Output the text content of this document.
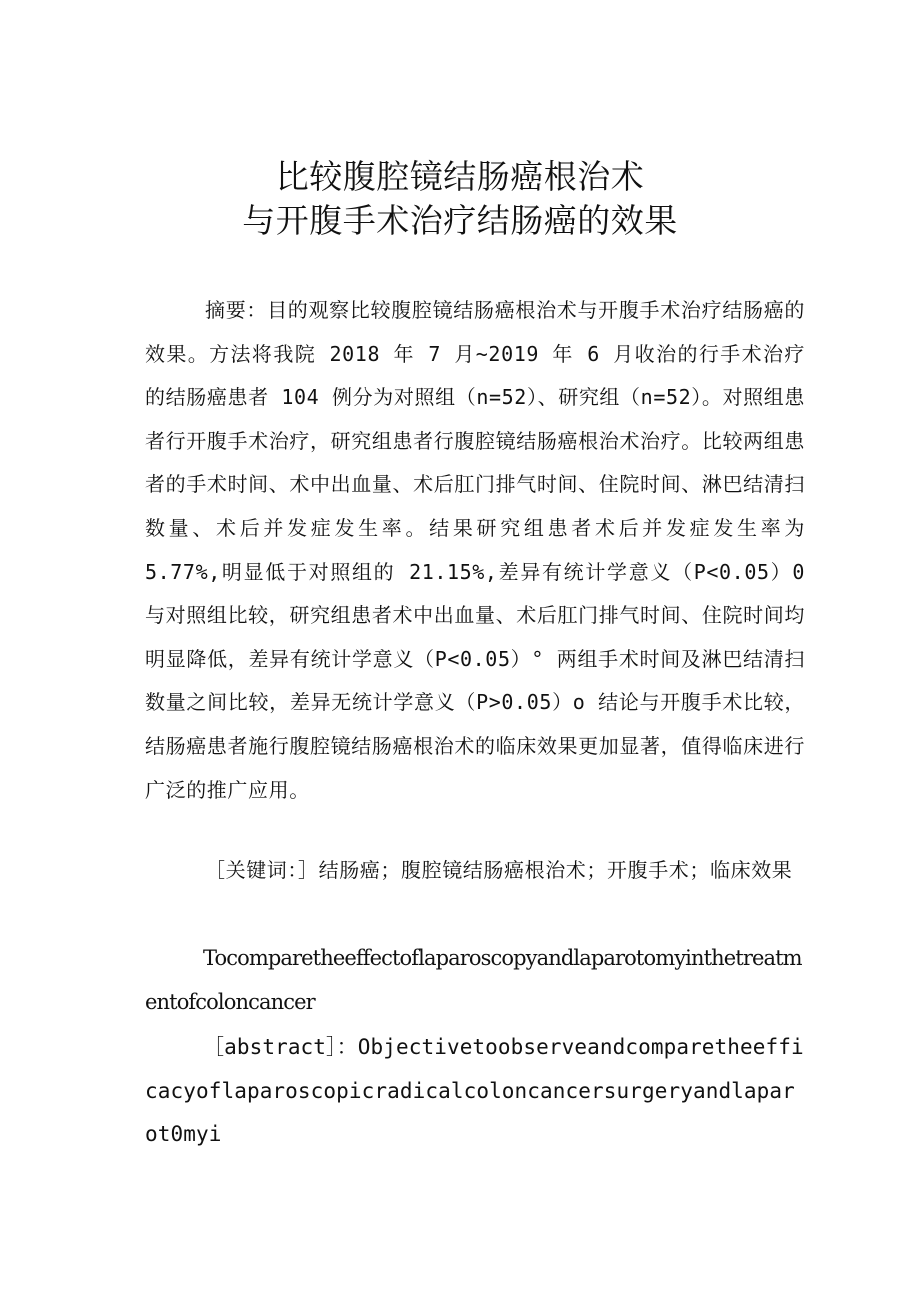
比较腹腔镜结肠癌根治术
与开腹手术治疗结肠癌的效果
摘要：目的观察比较腹腔镜结肠癌根治术与开腹手术治疗结肠癌的效果。方法将我院 2018 年 7 月~2019 年 6 月收治的行手术治疗的结肠癌患者 104 例分为对照组（n=52）、研究组（n=52）。对照组患者行开腹手术治疗，研究组患者行腹腔镜结肠癌根治术治疗。比较两组患者的手术时间、术中出血量、术后肛门排气时间、住院时间、淋巴结清扫数量、术后并发症发生率。结果研究组患者术后并发症发生率为 5.77%,明显低于对照组的 21.15%,差异有统计学意义（P<0.05）0 与对照组比较，研究组患者术中出血量、术后肛门排气时间、住院时间均明显降低，差异有统计学意义（P<0.05）° 两组手术时间及淋巴结清扫数量之间比较，差异无统计学意义（P>0.05）o 结论与开腹手术比较，结肠癌患者施行腹腔镜结肠癌根治术的临床效果更加显著，值得临床进行广泛的推广应用。
［关键词：］结肠癌；腹腔镜结肠癌根治术；开腹手术；临床效果
Tocomparetheeffectoflaparoscopyandlaparotomyinthetreatmentofcoloncancer
［abstract］：Objectivetoobserveandcomparetheefficacyoflaparoscopicradicalcoloncancersurgeryandlaparot0myi
